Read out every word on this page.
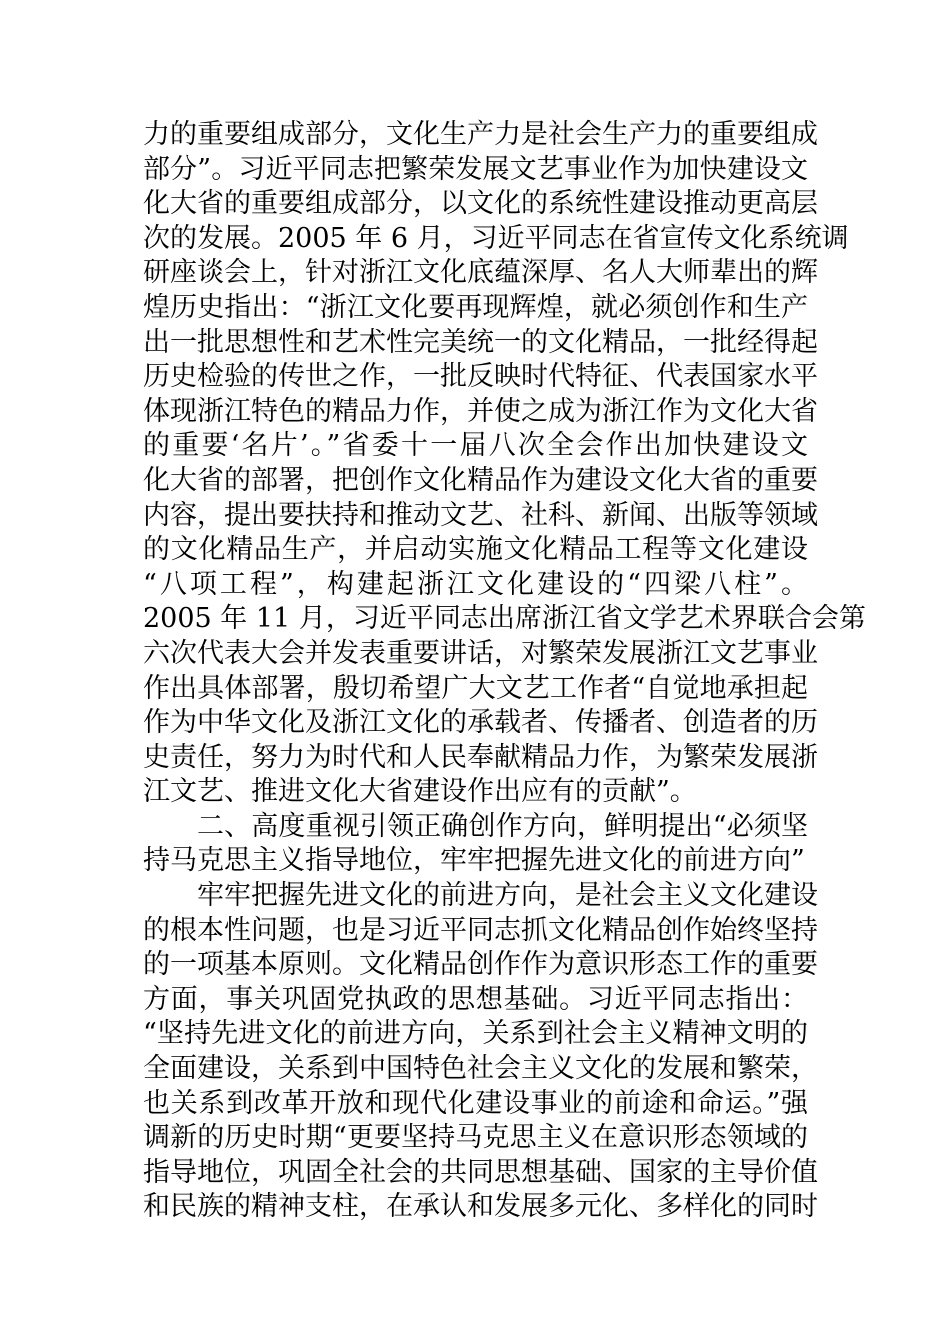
力的重要组成部分，文化生产力是社会生产力的重要组成
部分”。习近平同志把繁荣发展文艺事业作为加快建设文
化大省的重要组成部分，以文化的系统性建设推动更高层
次的发展。2005 年 6 月，习近平同志在省宣传文化系统调
研座谈会上，针对浙江文化底蕴深厚、名人大师辈出的辉
煌历史指出：“浙江文化要再现辉煌，就必须创作和生产
出一批思想性和艺术性完美统一的文化精品，一批经得起
历史检验的传世之作，一批反映时代特征、代表国家水平
体现浙江特色的精品力作，并使之成为浙江作为文化大省
的重要‘名片’。”省委十一届八次全会作出加快建设文
化大省的部署，把创作文化精品作为建设文化大省的重要
内容，提出要扶持和推动文艺、社科、新闻、出版等领域
的文化精品生产，并启动实施文化精品工程等文化建设
“八项工程”，构建起浙江文化建设的“四梁八柱”。
2005 年 11 月，习近平同志出席浙江省文学艺术界联合会第
六次代表大会并发表重要讲话，对繁荣发展浙江文艺事业
作出具体部署，殷切希望广大文艺工作者“自觉地承担起
作为中华文化及浙江文化的承载者、传播者、创造者的历
史责任，努力为时代和人民奉献精品力作，为繁荣发展浙
江文艺、推进文化大省建设作出应有的贡献”。
二、高度重视引领正确创作方向，鲜明提出“必须坚
持马克思主义指导地位，牢牢把握先进文化的前进方向”
牢牢把握先进文化的前进方向，是社会主义文化建设
的根本性问题，也是习近平同志抓文化精品创作始终坚持
的一项基本原则。文化精品创作作为意识形态工作的重要
方面，事关巩固党执政的思想基础。习近平同志指出：
“坚持先进文化的前进方向，关系到社会主义精神文明的
全面建设，关系到中国特色社会主义文化的发展和繁荣，
也关系到改革开放和现代化建设事业的前途和命运。”强
调新的历史时期“更要坚持马克思主义在意识形态领域的
指导地位，巩固全社会的共同思想基础、国家的主导价值
和民族的精神支柱，在承认和发展多元化、多样化的同时
